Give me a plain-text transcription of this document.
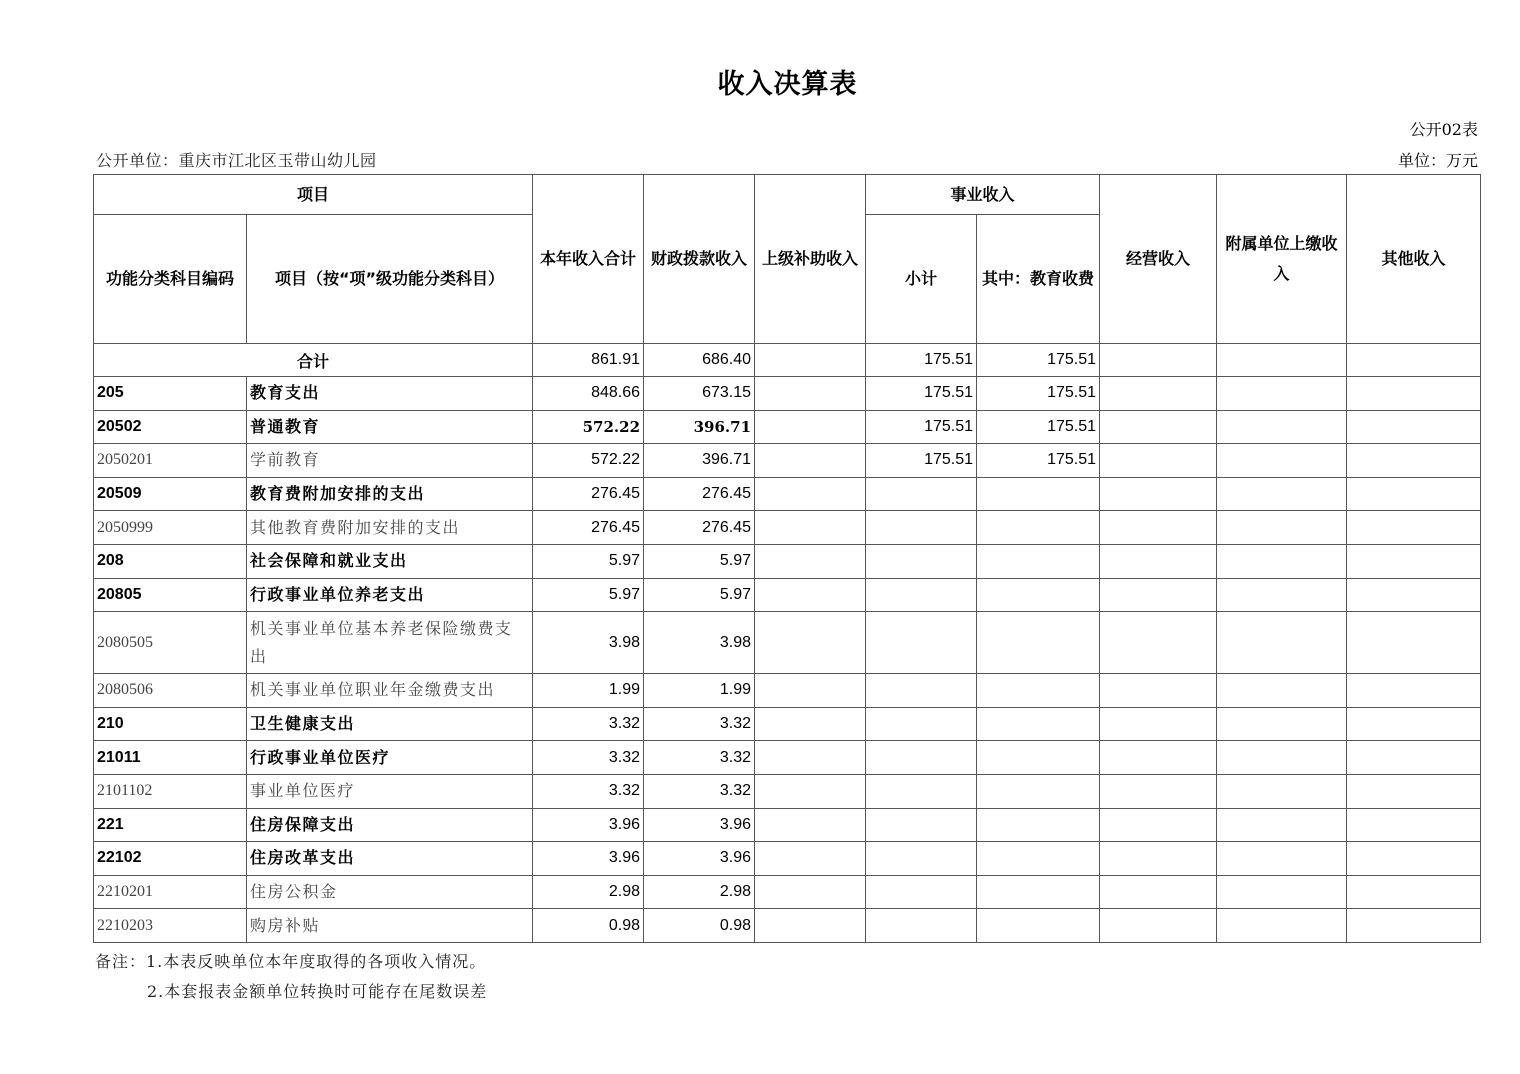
收入决算表
公开02表
公开单位：重庆市江北区玉带山幼儿园	单位：万元
项目		本年收入合计	财政拨款收入	上级补助收入	事业收入		经营收入	附属单位上缴收入	其他收入
功能分类科目编码	项目（按“项”级功能分类科目）				小计	其中：教育收费			
合计		861.91	686.40		175.51	175.51			
205	教育支出	848.66	673.15		175.51	175.51			
20502	普通教育	572.22	396.71		175.51	175.51			
2050201	学前教育	572.22	396.71		175.51	175.51			
20509	教育费附加安排的支出	276.45	276.45						
2050999	其他教育费附加安排的支出	276.45	276.45						
208	社会保障和就业支出	5.97	5.97						
20805	行政事业单位养老支出	5.97	5.97						
2080505	机关事业单位基本养老保险缴费支出	3.98	3.98						
2080506	机关事业单位职业年金缴费支出	1.99	1.99						
210	卫生健康支出	3.32	3.32						
21011	行政事业单位医疗	3.32	3.32						
2101102	事业单位医疗	3.32	3.32						
221	住房保障支出	3.96	3.96						
22102	住房改革支出	3.96	3.96						
2210201	住房公积金	2.98	2.98						
2210203	购房补贴	0.98	0.98						
备注：1.本表反映单位本年度取得的各项收入情况。
2.本套报表金额单位转换时可能存在尾数误差
